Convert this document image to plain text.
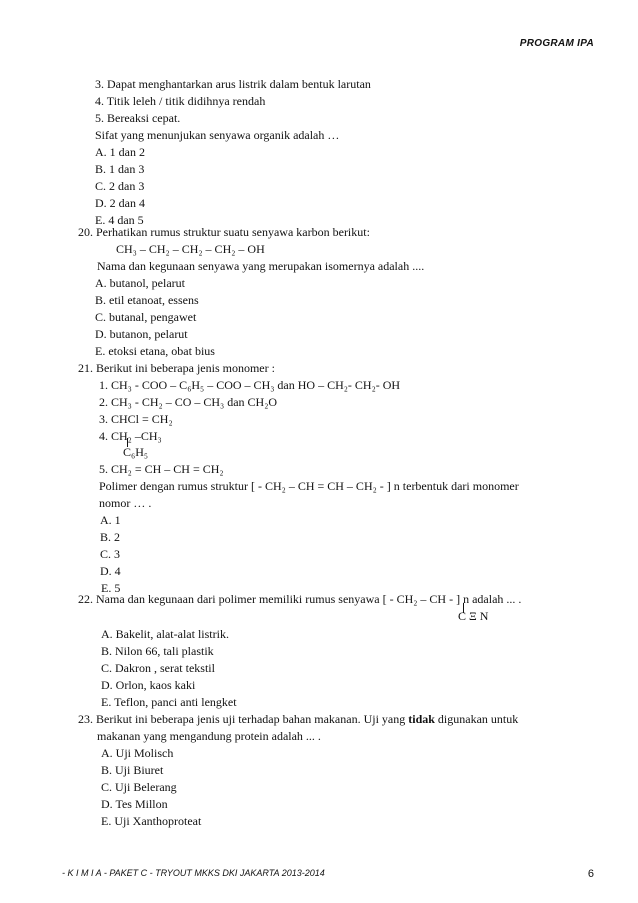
PROGRAM IPA
3. Dapat menghantarkan arus listrik dalam bentuk larutan
4. Titik leleh / titik didihnya rendah
5. Bereaksi cepat.
Sifat yang menunjukan senyawa organik adalah …
A. 1 dan 2
B. 1 dan 3
C. 2 dan 3
D. 2 dan 4
E. 4 dan 5
20. Perhatikan rumus struktur suatu senyawa karbon berikut:
CH₃ – CH₂ – CH₂ – CH₂ – OH
Nama dan kegunaan senyawa yang merupakan isomernya adalah ....
A. butanol, pelarut
B. etil etanoat, essens
C. butanal, pengawet
D. butanon, pelarut
E. etoksi etana, obat bius
21. Berikut ini beberapa jenis monomer :
1. CH₃ - COO – C₆H₅ – COO – CH₃ dan HO – CH₂- CH₂- OH
2. CH₃ - CH₂ – CO – CH₃ dan CH₂O
3. CHCl = CH₂
4. CH₂ –CH₃
C₆H₅
5. CH₂ = CH – CH = CH₂
Polimer dengan rumus struktur [ - CH₂ – CH = CH – CH₂ - ] n terbentuk dari monomer
nomor … .
A. 1
B. 2
C. 3
D. 4
E. 5
22. Nama dan kegunaan dari polimer memiliki rumus senyawa [ - CH₂ – CH - ] n adalah ... .
C Ξ N
A. Bakelit, alat-alat listrik.
B. Nilon 66, tali plastik
C. Dakron , serat tekstil
D. Orlon, kaos kaki
E. Teflon, panci anti lengket
23. Berikut ini beberapa jenis uji terhadap bahan makanan. Uji yang tidak digunakan untuk
makanan yang mengandung protein adalah ... .
A. Uji Molisch
B. Uji Biuret
C. Uji Belerang
D. Tes Millon
E. Uji Xanthoproteat
- K I M I A - PAKET C - TRYOUT MKKS DKI JAKARTA 2013-2014	6
